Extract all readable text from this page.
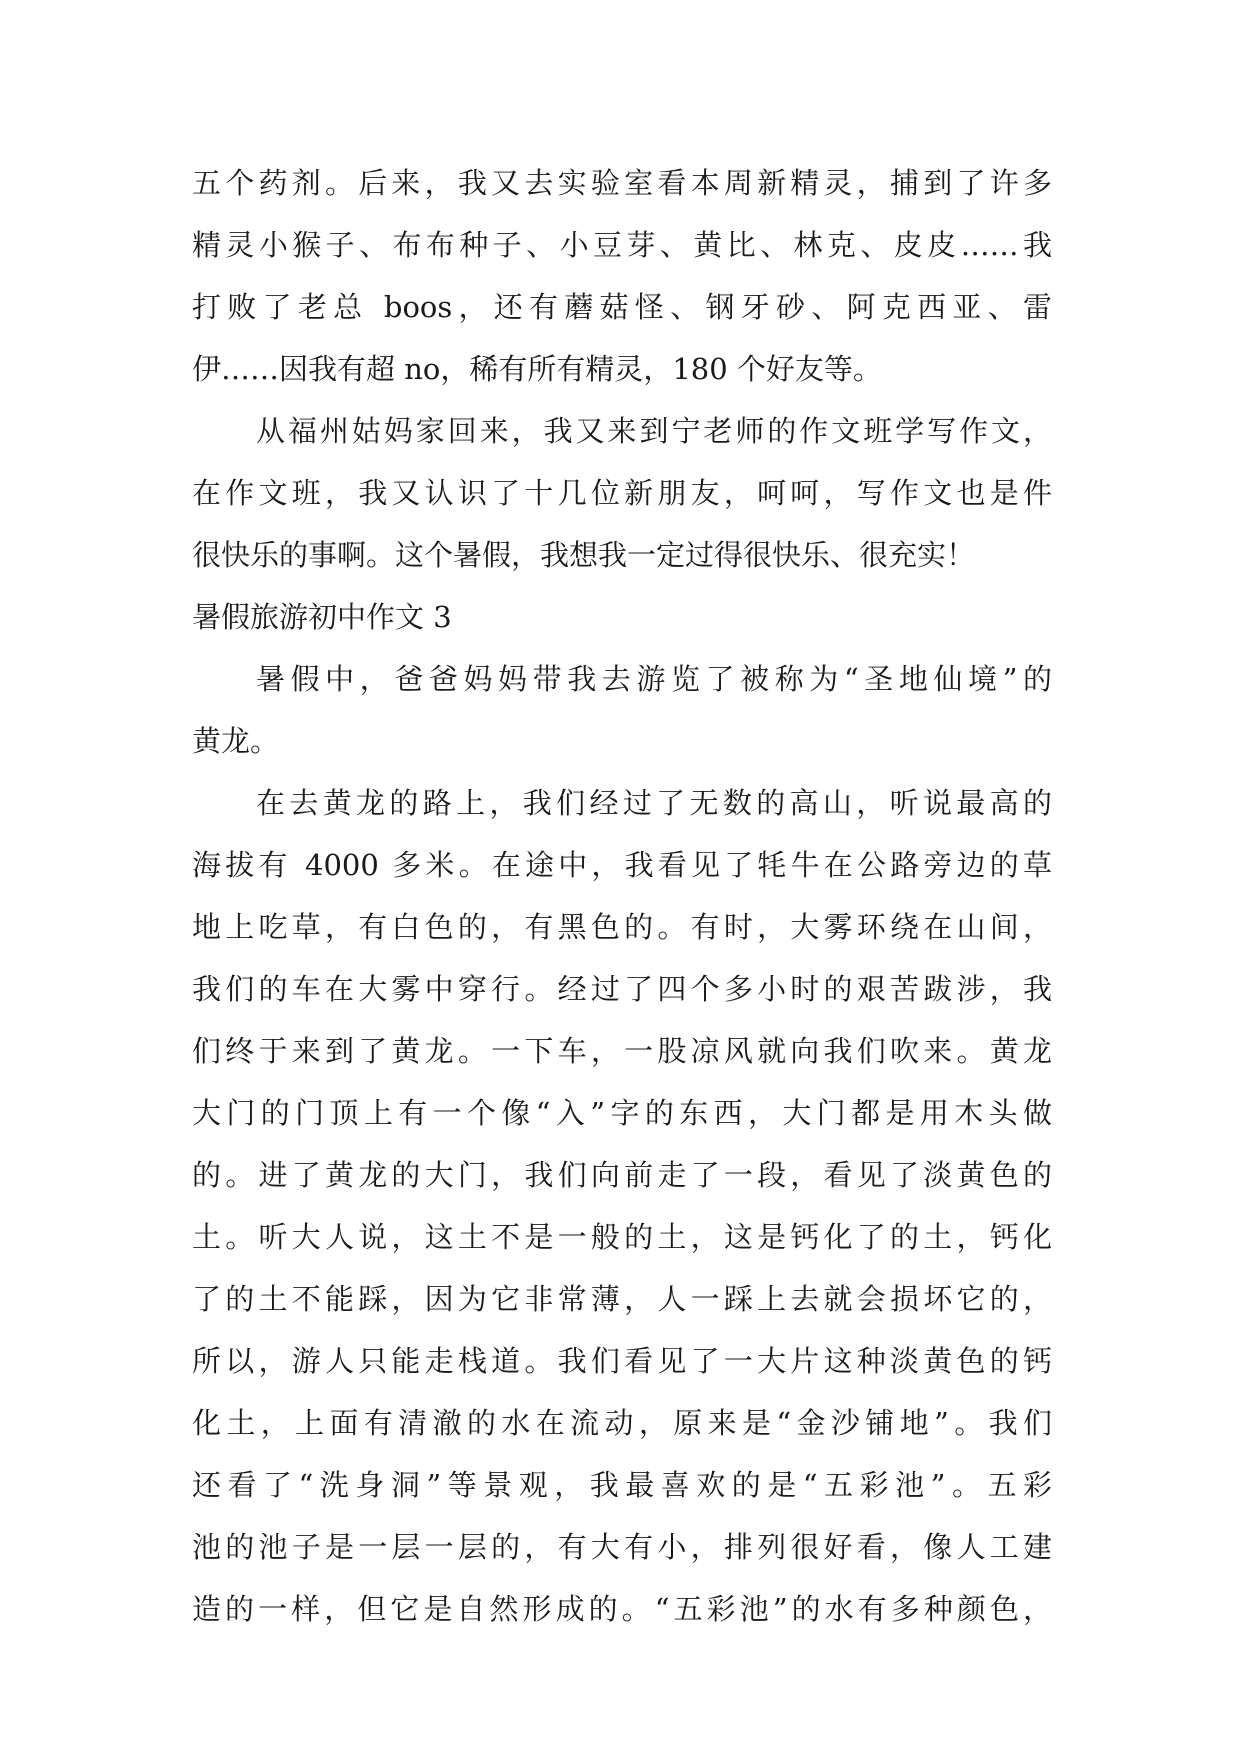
五个药剂。后来，我又去实验室看本周新精灵，捕到了许多
精灵小猴子、布布种子、小豆芽、黄比、林克、皮皮……我
打败了老总 boos，还有蘑菇怪、钢牙砂、阿克西亚、雷
伊……因我有超 no，稀有所有精灵，180 个好友等。
从福州姑妈家回来，我又来到宁老师的作文班学写作文，
在作文班，我又认识了十几位新朋友，呵呵，写作文也是件
很快乐的事啊。这个暑假，我想我一定过得很快乐、很充实！
暑假旅游初中作文 3
暑假中，爸爸妈妈带我去游览了被称为“圣地仙境”的
黄龙。
在去黄龙的路上，我们经过了无数的高山，听说最高的
海拔有 4000 多米。在途中，我看见了牦牛在公路旁边的草
地上吃草，有白色的，有黑色的。有时，大雾环绕在山间，
我们的车在大雾中穿行。经过了四个多小时的艰苦跋涉，我
们终于来到了黄龙。一下车，一股凉风就向我们吹来。黄龙
大门的门顶上有一个像“入”字的东西，大门都是用木头做
的。进了黄龙的大门，我们向前走了一段，看见了淡黄色的
土。听大人说，这土不是一般的土，这是钙化了的土，钙化
了的土不能踩，因为它非常薄，人一踩上去就会损坏它的，
所以，游人只能走栈道。我们看见了一大片这种淡黄色的钙
化土，上面有清澈的水在流动，原来是“金沙铺地”。我们
还看了“洗身洞”等景观，我最喜欢的是“五彩池”。五彩
池的池子是一层一层的，有大有小，排列很好看，像人工建
造的一样，但它是自然形成的。“五彩池”的水有多种颜色，
